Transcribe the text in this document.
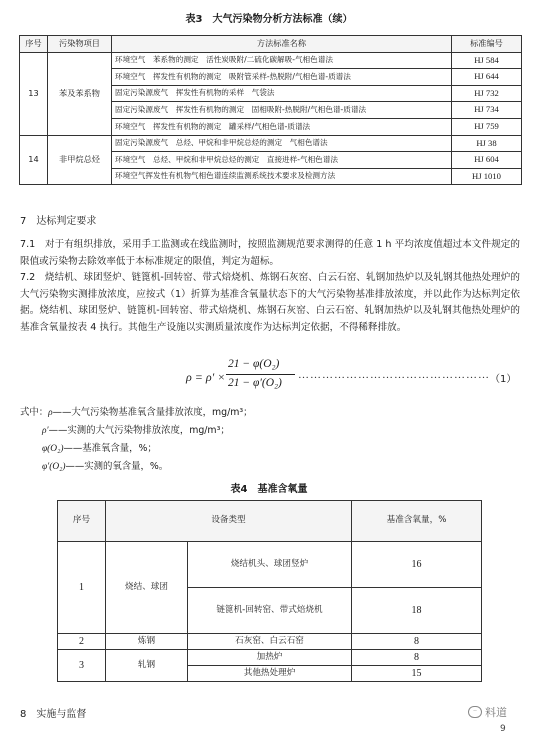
表3　大气污染物分析方法标准（续）
序号	污染物项目	方法标准名称	标准编号
13	苯及苯系物	环境空气　苯系物的测定　活性炭吸附/二硫化碳解吸-气相色谱法	HJ 584
		环境空气　挥发性有机物的测定　吸附管采样-热脱附/气相色谱-质谱法	HJ 644
		固定污染源废气　挥发性有机物的采样　气袋法	HJ 732
		固定污染源废气　挥发性有机物的测定　固相吸附-热脱附/气相色谱-质谱法	HJ 734
		环境空气　挥发性有机物的测定　罐采样/气相色谱-质谱法	HJ 759
14	非甲烷总烃	固定污染源废气　总烃、甲烷和非甲烷总烃的测定　气相色谱法	HJ 38
		环境空气　总烃、甲烷和非甲烷总烃的测定　直接进样-气相色谱法	HJ 604
		环境空气挥发性有机物气相色谱连续监测系统技术要求及检测方法	HJ 1010
7　达标判定要求

7.1　对于有组织排放，采用手工监测或在线监测时，按照监测规范要求测得的任意 1 h 平均浓度值超过本文件规定的限值或污染物去除效率低于本标准规定的限值，判定为超标。

7.2　烧结机、球团竖炉、链篦机-回转窑、带式焙烧机、炼钢石灰窑、白云石窑、轧钢加热炉以及轧钢其他热处理炉的大气污染物实测排放浓度，应按式（1）折算为基准含氧量状态下的大气污染物基准排放浓度，并以此作为达标判定依据。烧结机、球团竖炉、链篦机-回转窑、带式焙烧机、炼钢石灰窑、白云石窑、轧钢加热炉以及轧钢其他热处理炉的基准含氧量按表 4 执行。其他生产设施以实测质量浓度作为达标判定依据，不得稀释排放。

ρ = ρ′ ×
21 − φ(O₂)
21 − φ′(O₂)
………………………………………… （1）
式中：ρ——大气污染物基准氧含量排放浓度，mg/m³；
ρ′——实测的大气污染物排放浓度，mg/m³；
φ(O₂)——基准氧含量，%；
φ′(O₂)——实测的氧含量，%。
表4　基准含氧量
序号	设备类型		基准含氧量，%
1	烧结、球团	烧结机头、球团竖炉	16
		链篦机-回转窑、带式焙烧机	18
2	炼钢	石灰窑、白云石窑	8
3	轧钢	加热炉	8
		其他热处理炉	15
8　实施与监督	·· 料道
9
